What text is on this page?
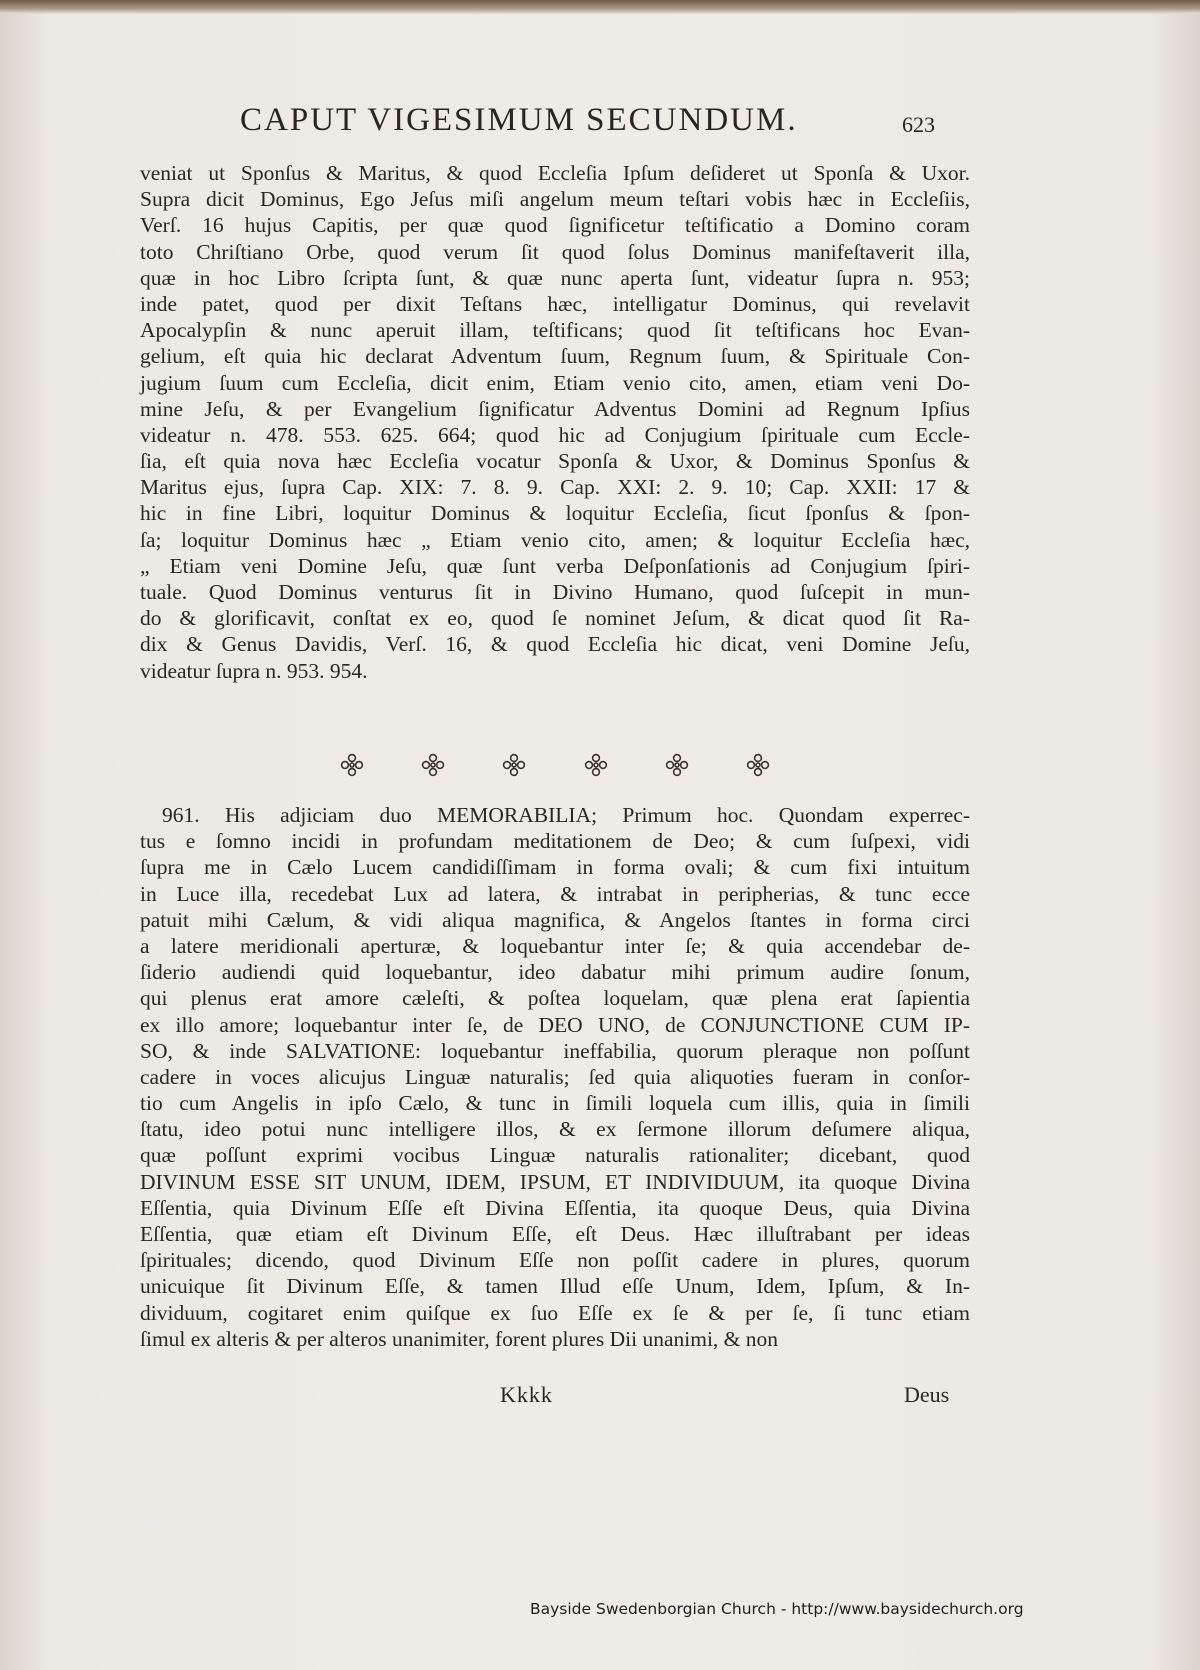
CAPUT VIGESIMUM SECUNDUM.	623
veniat ut Sponſus & Maritus, & quod Eccleſia Ipſum deſideret ut Sponſa & Uxor.
Supra dicit Dominus, Ego Jeſus miſi angelum meum teſtari vobis hæc in Eccleſiis,
Verſ. 16 hujus Capitis, per quæ quod ſignificetur teſtificatio a Domino coram
toto Chriſtiano Orbe, quod verum ſit quod ſolus Dominus manifeſtaverit illa,
quæ in hoc Libro ſcripta ſunt, & quæ nunc aperta ſunt, videatur ſupra n. 953;
inde patet, quod per dixit Teſtans hæc, intelligatur Dominus, qui revelavit
Apocalypſin & nunc aperuit illam, teſtificans; quod ſit teſtificans hoc Evan-
gelium, eſt quia hic declarat Adventum ſuum, Regnum ſuum, & Spirituale Con-
jugium ſuum cum Eccleſia, dicit enim, Etiam venio cito, amen, etiam veni Do-
mine Jeſu, & per Evangelium ſignificatur Adventus Domini ad Regnum Ipſius
videatur n. 478. 553. 625. 664; quod hic ad Conjugium ſpirituale cum Eccle-
ſia, eſt quia nova hæc Eccleſia vocatur Sponſa & Uxor, & Dominus Sponſus &
Maritus ejus, ſupra Cap. XIX: 7. 8. 9. Cap. XXI: 2. 9. 10; Cap. XXII: 17 &
hic in fine Libri, loquitur Dominus & loquitur Eccleſia, ſicut ſponſus & ſpon-
ſa; loquitur Dominus hæc „ Etiam venio cito, amen; & loquitur Eccleſia hæc,
„ Etiam veni Domine Jeſu, quæ ſunt verba Deſponſationis ad Conjugium ſpiri-
tuale. Quod Dominus venturus ſit in Divino Humano, quod ſuſcepit in mun-
do & glorificavit, conſtat ex eo, quod ſe nominet Jeſum, & dicat quod ſit Ra-
dix & Genus Davidis, Verſ. 16, & quod Eccleſia hic dicat, veni Domine Jeſu,
videatur ſupra n. 953. 954.
961. His adjiciam duo MEMORABILIA; Primum hoc. Quondam experrec-
tus e ſomno incidi in profundam meditationem de Deo; & cum ſuſpexi, vidi
ſupra me in Cælo Lucem candidiſſimam in forma ovali; & cum fixi intuitum
in Luce illa, recedebat Lux ad latera, & intrabat in peripherias, & tunc ecce
patuit mihi Cælum, & vidi aliqua magnifica, & Angelos ſtantes in forma circi
a latere meridionali aperturæ, & loquebantur inter ſe; & quia accendebar de-
ſiderio audiendi quid loquebantur, ideo dabatur mihi primum audire ſonum,
qui plenus erat amore cæleſti, & poſtea loquelam, quæ plena erat ſapientia
ex illo amore; loquebantur inter ſe, de DEO UNO, de CONJUNCTIONE CUM IP-
SO, & inde SALVATIONE: loquebantur ineffabilia, quorum pleraque non poſſunt
cadere in voces alicujus Linguæ naturalis; ſed quia aliquoties fueram in conſor-
tio cum Angelis in ipſo Cælo, & tunc in ſimili loquela cum illis, quia in ſimili
ſtatu, ideo potui nunc intelligere illos, & ex ſermone illorum deſumere aliqua,
quæ poſſunt exprimi vocibus Linguæ naturalis rationaliter; dicebant, quod
DIVINUM ESSE SIT UNUM, IDEM, IPSUM, ET INDIVIDUUM, ita quoque Divina
Eſſentia, quia Divinum Eſſe eſt Divina Eſſentia, ita quoque Deus, quia Divina
Eſſentia, quæ etiam eſt Divinum Eſſe, eſt Deus. Hæc illuſtrabant per ideas
ſpirituales; dicendo, quod Divinum Eſſe non poſſit cadere in plures, quorum
unicuique ſit Divinum Eſſe, & tamen Illud eſſe Unum, Idem, Ipſum, & In-
dividuum, cogitaret enim quiſque ex ſuo Eſſe ex ſe & per ſe, ſi tunc etiam
ſimul ex alteris & per alteros unanimiter, forent plures Dii unanimi, & non
Kkkk	Deus
Bayside Swedenborgian Church - http://www.baysidechurch.org
